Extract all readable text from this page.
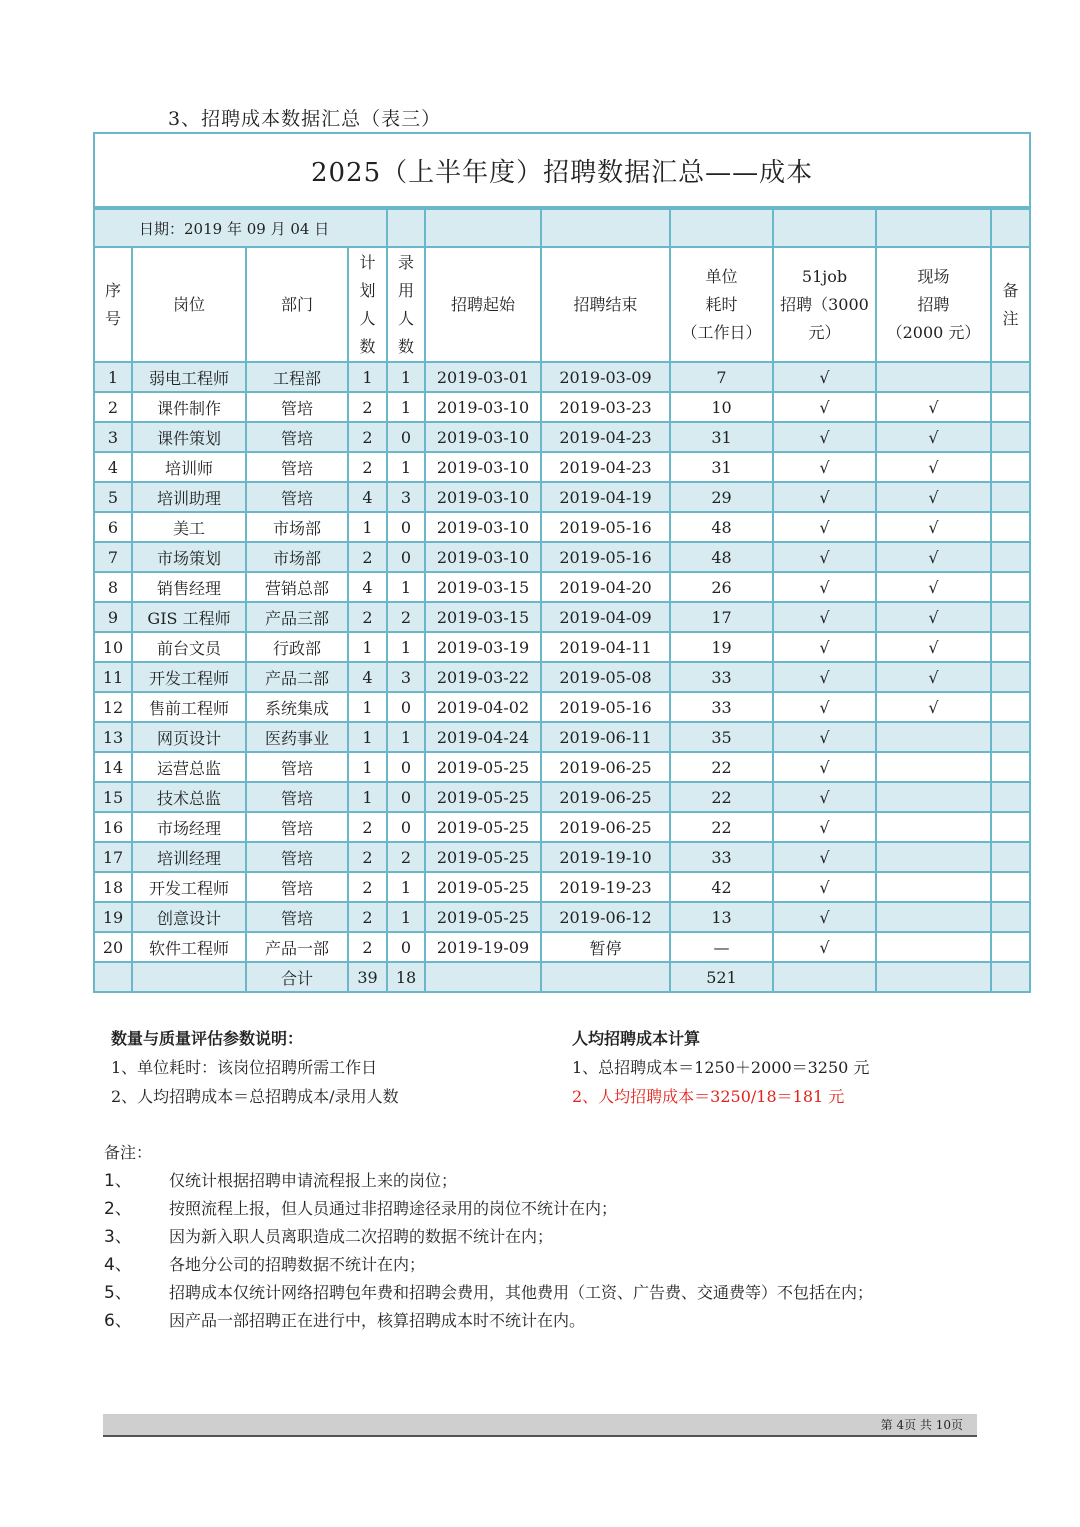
3、招聘成本数据汇总（表三）
2025（上半年度）招聘数据汇总——成本										
日期：2019 年 09 月 04 日										
序
号	岗位	部门	计
划
人
数	录
用
人
数	招聘起始	招聘结束	单位
耗时
（工作日）	51job
招聘（3000
元）	现场
招聘
（2000 元）	备
注
1	弱电工程师	工程部	1	1	2019-03-01	2019-03-09	7	√		
2	课件制作	管培	2	1	2019-03-10	2019-03-23	10	√	√	
3	课件策划	管培	2	0	2019-03-10	2019-04-23	31	√	√	
4	培训师	管培	2	1	2019-03-10	2019-04-23	31	√	√	
5	培训助理	管培	4	3	2019-03-10	2019-04-19	29	√	√	
6	美工	市场部	1	0	2019-03-10	2019-05-16	48	√	√	
7	市场策划	市场部	2	0	2019-03-10	2019-05-16	48	√	√	
8	销售经理	营销总部	4	1	2019-03-15	2019-04-20	26	√	√	
9	GIS 工程师	产品三部	2	2	2019-03-15	2019-04-09	17	√	√	
10	前台文员	行政部	1	1	2019-03-19	2019-04-11	19	√	√	
11	开发工程师	产品二部	4	3	2019-03-22	2019-05-08	33	√	√	
12	售前工程师	系统集成	1	0	2019-04-02	2019-05-16	33	√	√	
13	网页设计	医药事业	1	1	2019-04-24	2019-06-11	35	√		
14	运营总监	管培	1	0	2019-05-25	2019-06-25	22	√		
15	技术总监	管培	1	0	2019-05-25	2019-06-25	22	√		
16	市场经理	管培	2	0	2019-05-25	2019-06-25	22	√		
17	培训经理	管培	2	2	2019-05-25	2019-19-10	33	√		
18	开发工程师	管培	2	1	2019-05-25	2019-19-23	42	√		
19	创意设计	管培	2	1	2019-05-25	2019-06-12	13	√		
20	软件工程师	产品一部	2	0	2019-19-09	暂停	—	√		
		合计	39	18			521			
数量与质量评估参数说明：
1、单位耗时：该岗位招聘所需工作日
2、人均招聘成本＝总招聘成本/录用人数
人均招聘成本计算
1、总招聘成本＝1250＋2000＝3250 元
2、人均招聘成本＝3250/18＝181 元
备注：
1、 仅统计根据招聘申请流程报上来的岗位；
2、 按照流程上报，但人员通过非招聘途径录用的岗位不统计在内；
3、 因为新入职人员离职造成二次招聘的数据不统计在内；
4、 各地分公司的招聘数据不统计在内；
5、 招聘成本仅统计网络招聘包年费和招聘会费用，其他费用（工资、广告费、交通费等）不包括在内；
6、 因产品一部招聘正在进行中，核算招聘成本时不统计在内。
第 4页 共 10页
